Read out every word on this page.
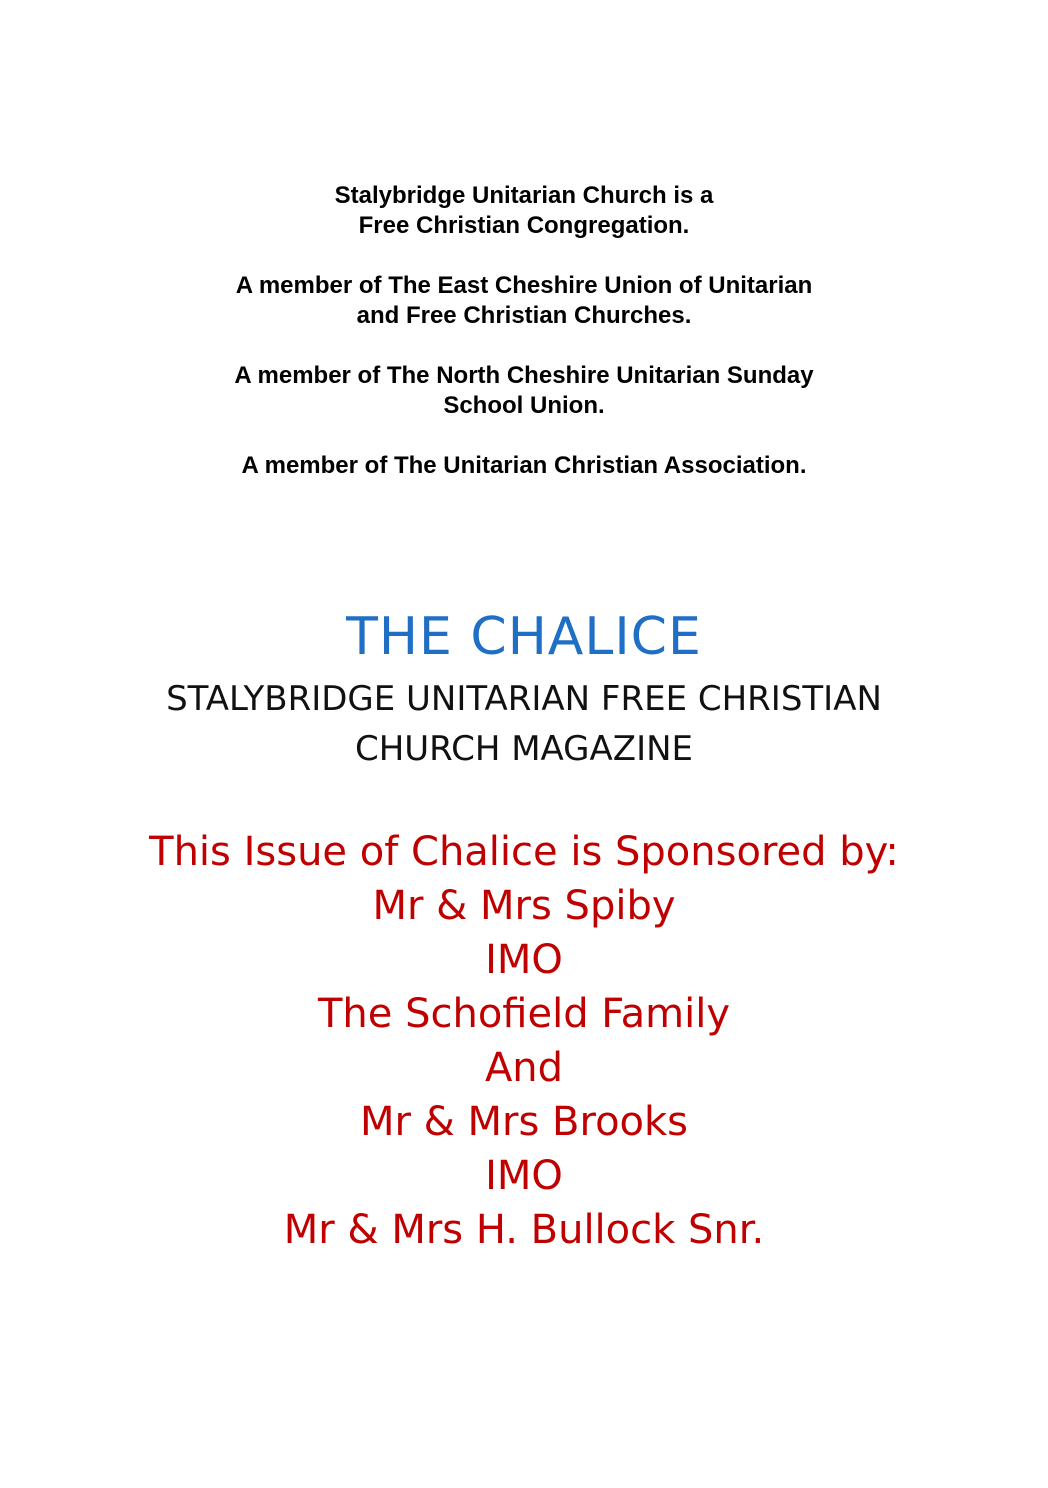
Stalybridge Unitarian Church is a
Free Christian Congregation.

A member of The East Cheshire Union of Unitarian
and Free Christian Churches.

A member of The North Cheshire Unitarian Sunday
School Union.

A member of The Unitarian Christian Association.

THE CHALICE
STALYBRIDGE UNITARIAN FREE CHRISTIAN
CHURCH MAGAZINE
This Issue of Chalice is Sponsored by:
Mr & Mrs Spiby
IMO
The Schofield Family
And
Mr & Mrs Brooks
IMO
Mr & Mrs H. Bullock Snr.
